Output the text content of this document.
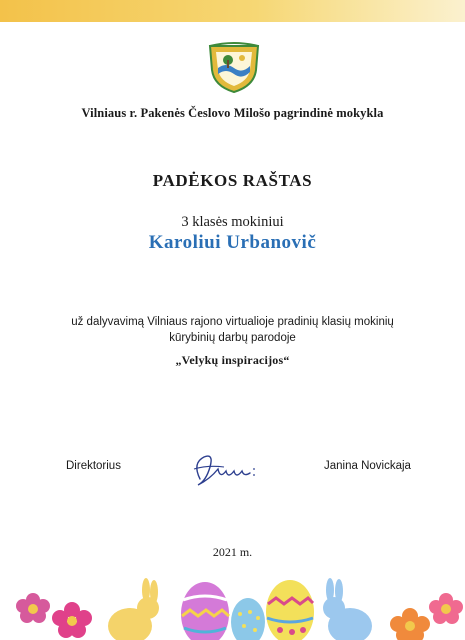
Vilniaus r. Pakenės Česlovo Milošo pagrindinė mokykla
PADĖKOS RAŠTAS
3 klasės mokiniui
Karoliui Urbanovič
už dalyvavimą Vilniaus rajono virtualioje pradinių klasių mokinių
kūrybinių darbų parodoje
„Velykų inspiracijos“
Direktorius	Janina Novickaja
2021 m.
